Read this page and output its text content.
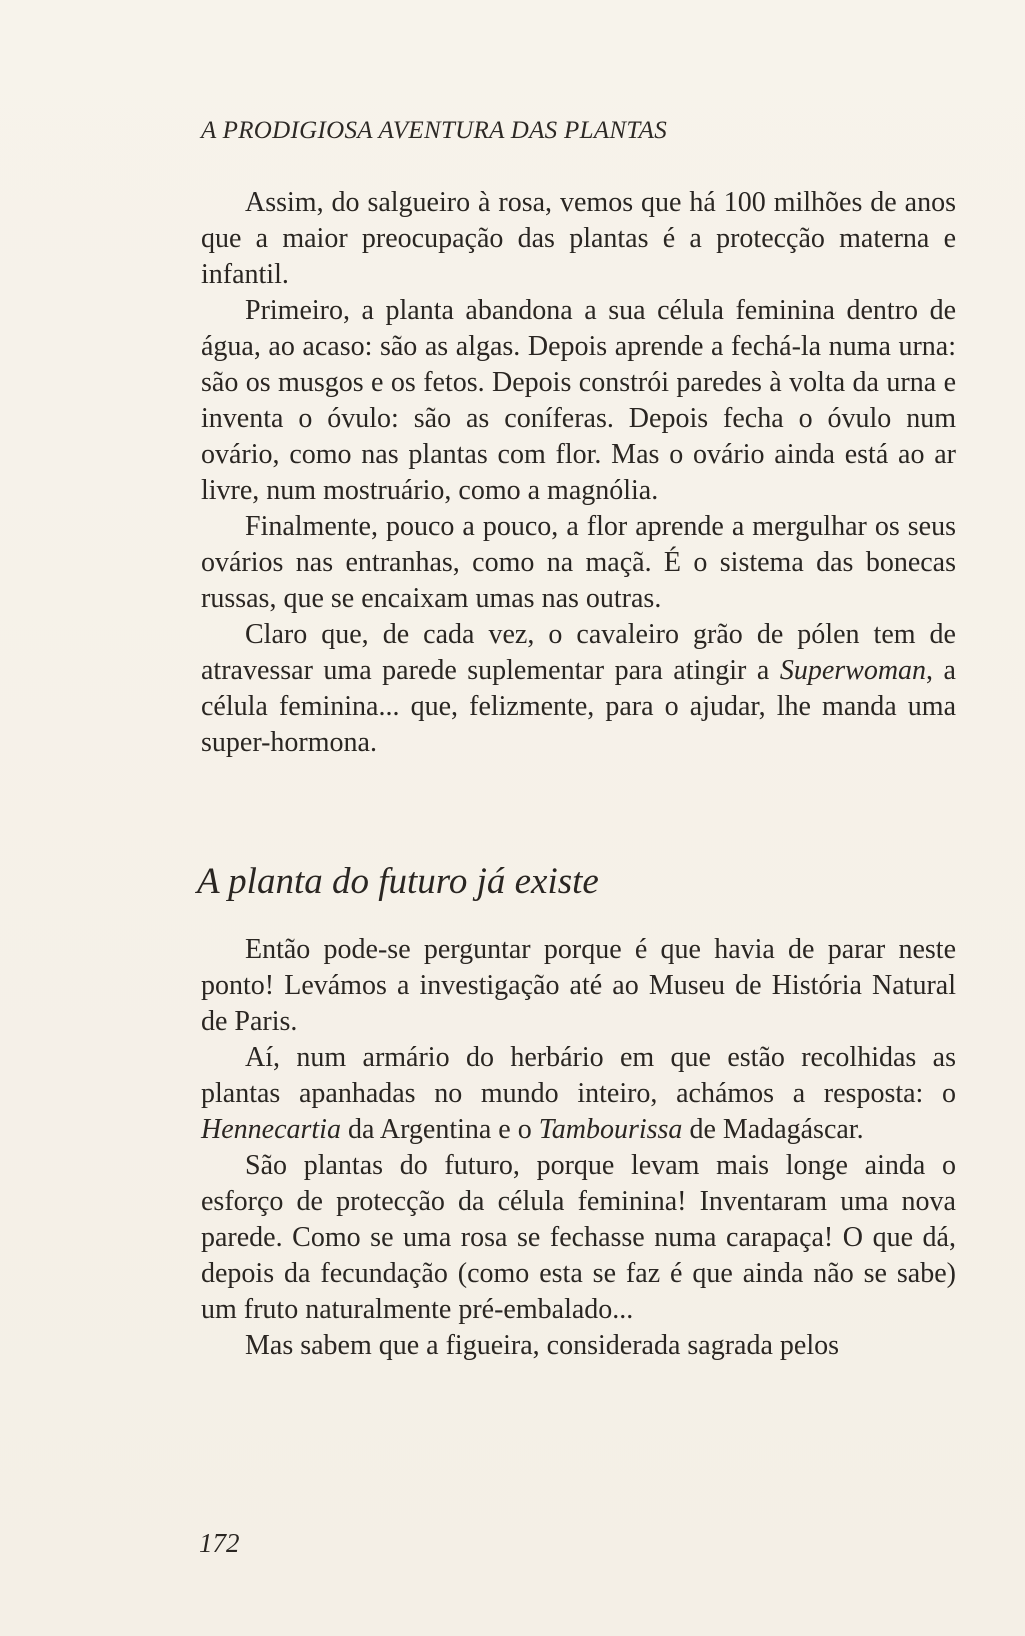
A PRODIGIOSA AVENTURA DAS PLANTAS

Assim, do salgueiro à rosa, vemos que há 100 milhões de anos que a maior preocupação das plantas é a protecção materna e infantil.

Primeiro, a planta abandona a sua célula feminina dentro de água, ao acaso: são as algas. Depois aprende a fechá-la numa urna: são os musgos e os fetos. Depois constrói paredes à volta da urna e inventa o óvulo: são as coníferas. Depois fecha o óvulo num ovário, como nas plantas com flor. Mas o ovário ainda está ao ar livre, num mostruário, como a magnólia.

Finalmente, pouco a pouco, a flor aprende a mergulhar os seus ovários nas entranhas, como na maçã. É o sistema das bonecas russas, que se encaixam umas nas outras.

Claro que, de cada vez, o cavaleiro grão de pólen tem de atravessar uma parede suplementar para atingir a Superwoman, a célula feminina... que, felizmente, para o ajudar, lhe manda uma super-hormona.

A planta do futuro já existe

Então pode-se perguntar porque é que havia de parar neste ponto! Levámos a investigação até ao Museu de História Natural de Paris.

Aí, num armário do herbário em que estão recolhidas as plantas apanhadas no mundo inteiro, achámos a resposta: o Hennecartia da Argentina e o Tambourissa de Madagáscar.

São plantas do futuro, porque levam mais longe ainda o esforço de protecção da célula feminina! Inventaram uma nova parede. Como se uma rosa se fechasse numa carapaça! O que dá, depois da fecundação (como esta se faz é que ainda não se sabe) um fruto naturalmente pré-embalado...

Mas sabem que a figueira, considerada sagrada pelos

172
